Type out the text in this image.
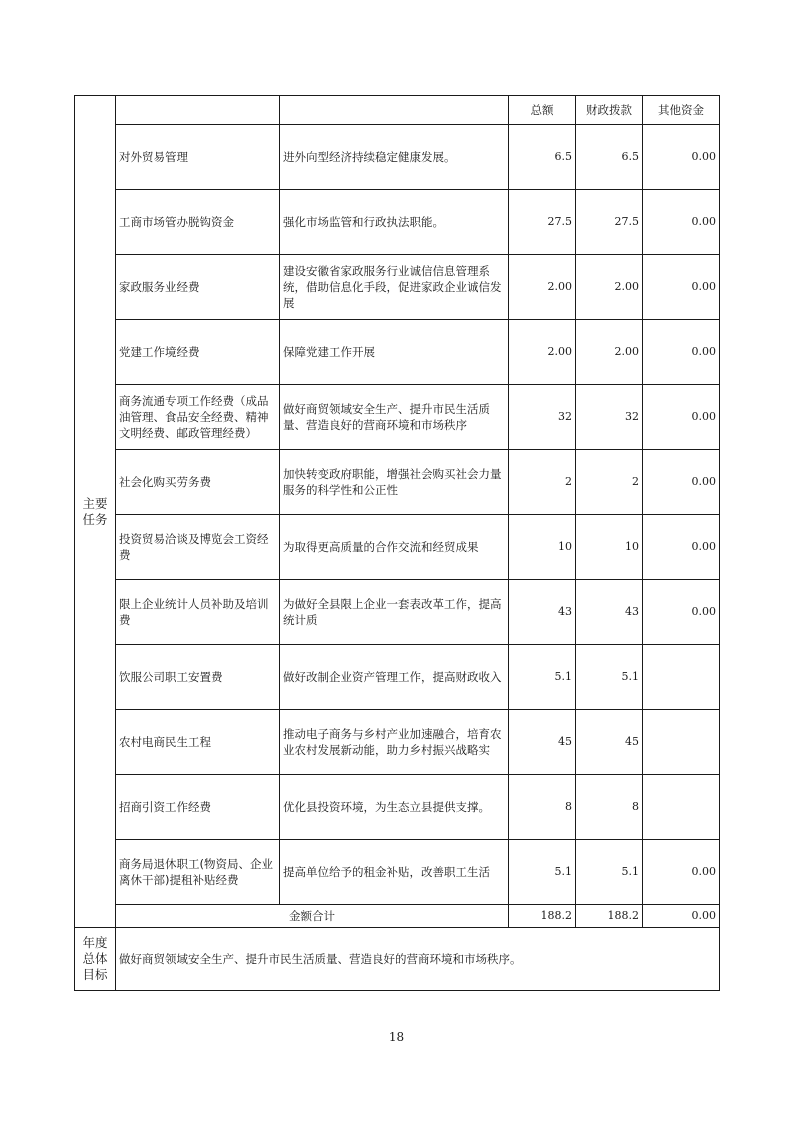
主要
任务			总额	财政拨款	其他资金
	对外贸易管理	进外向型经济持续稳定健康发展。	6.5	6.5	0.00
	工商市场管办脱钩资金	强化市场监管和行政执法职能。	27.5	27.5	0.00
	家政服务业经费	建设安徽省家政服务行业诚信信息管理系统，借助信息化手段，促进家政企业诚信发展	2.00	2.00	0.00
	党建工作境经费	保障党建工作开展	2.00	2.00	0.00
	商务流通专项工作经费（成品油管理、食品安全经费、精神文明经费、邮政管理经费）	做好商贸领域安全生产、提升市民生活质量、营造良好的营商环境和市场秩序	32	32	0.00
	社会化购买劳务费	加快转变政府职能，增强社会购买社会力量服务的科学性和公正性	2	2	0.00
	投资贸易洽谈及博览会工资经费	为取得更高质量的合作交流和经贸成果	10	10	0.00
	限上企业统计人员补助及培训费	为做好全县限上企业一套表改革工作，提高统计质	43	43	0.00
	饮服公司职工安置费	做好改制企业资产管理工作，提高财政收入	5.1	5.1	
	农村电商民生工程	推动电子商务与乡村产业加速融合，培育农业农村发展新动能，助力乡村振兴战略实	45	45	
	招商引资工作经费	优化县投资环境，为生态立县提供支撑。	8	8	
	商务局退休职工(物资局、企业离休干部)提租补贴经费	提高单位给予的租金补贴，改善职工生活	5.1	5.1	0.00
	金额合计		188.2	188.2	0.00
年度
总体
目标	做好商贸领域安全生产、提升市民生活质量、营造良好的营商环境和市场秩序。				
18
